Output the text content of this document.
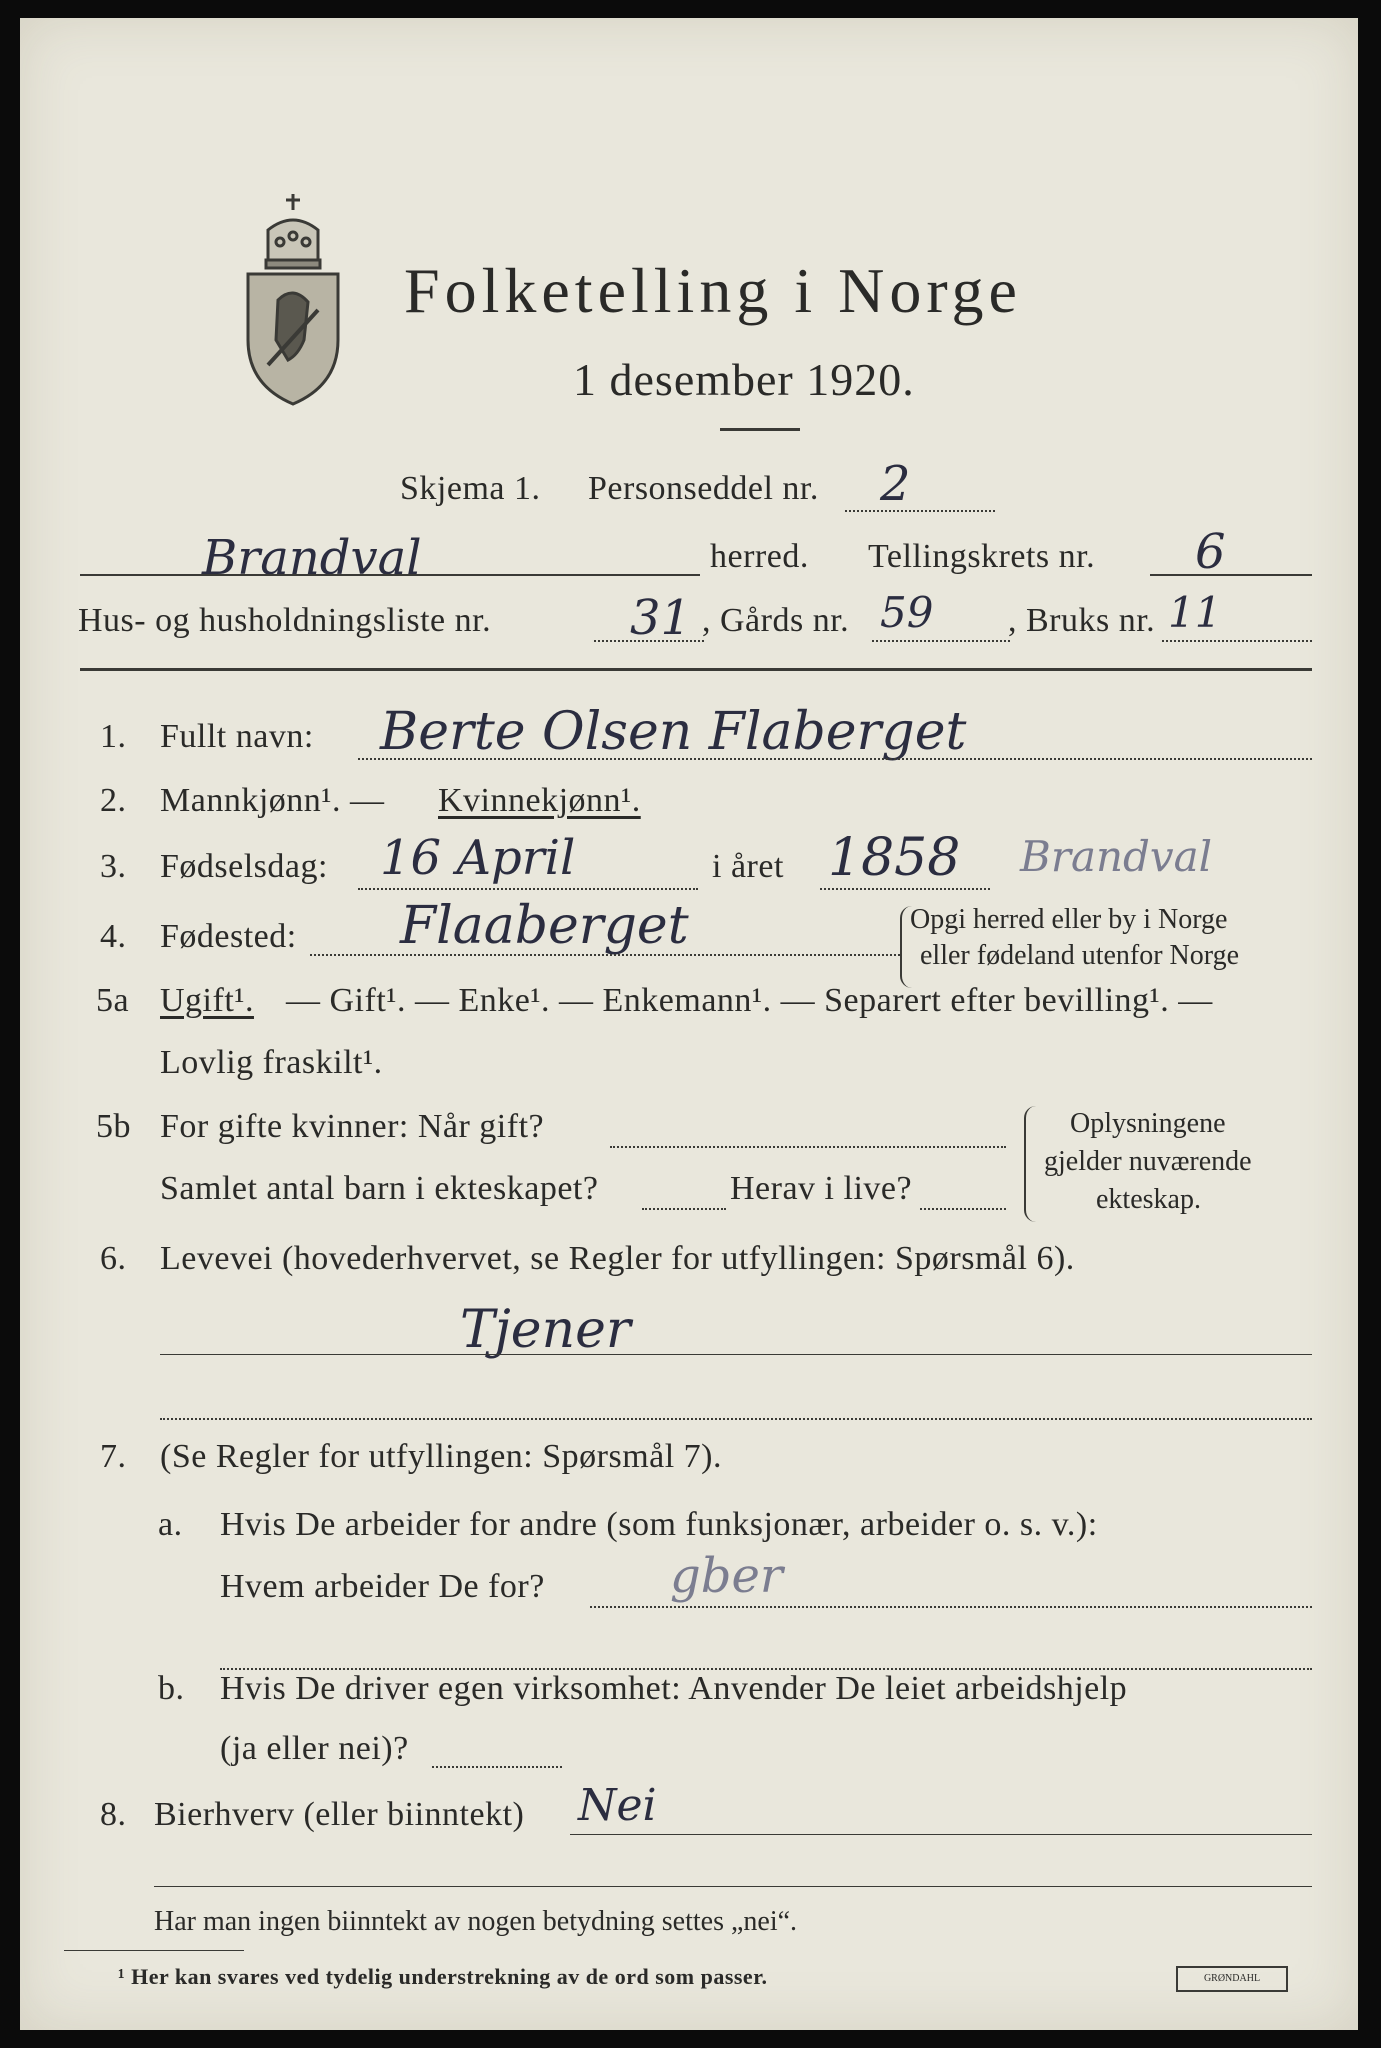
Folketelling i Norge
1 desember 1920.
Skjema 1. Personseddel nr. 2
Brandval	herred. Tellingskrets nr. 6
Hus- og husholdningsliste nr.	31 , Gårds nr. 59 , Bruks nr. 11
1. Fullt navn: Berte Olsen Flaberget
2. Mannkjønn¹. — Kvinnekjønn¹.
3. Fødselsdag: 16 April	i året 1858 Brandval
4. Fødested: Flaaberget	Opgi herred eller by i Norge
eller fødeland utenfor Norge
5a Ugift¹. — Gift¹. — Enke¹. — Enkemann¹. — Separert efter bevilling¹. —
Lovlig fraskilt¹.
5b For gifte kvinner: Når gift?
Samlet antal barn i ekteskapet?	Herav i live?
Oplysningene
gjelder nuværende
ekteskap.
6. Levevei (hovederhvervet, se Regler for utfyllingen: Spørsmål 6).
Tjener
7. (Se Regler for utfyllingen: Spørsmål 7).
a. Hvis De arbeider for andre (som funksjonær, arbeider o. s. v.):
Hvem arbeider De for?	gber
b. Hvis De driver egen virksomhet: Anvender De leiet arbeidshjelp
(ja eller nei)?
8. Bierhverv (eller biinntekt) Nei
Har man ingen biinntekt av nogen betydning settes „nei“.
¹ Her kan svares ved tydelig understrekning av de ord som passer.	GRØNDAHL
